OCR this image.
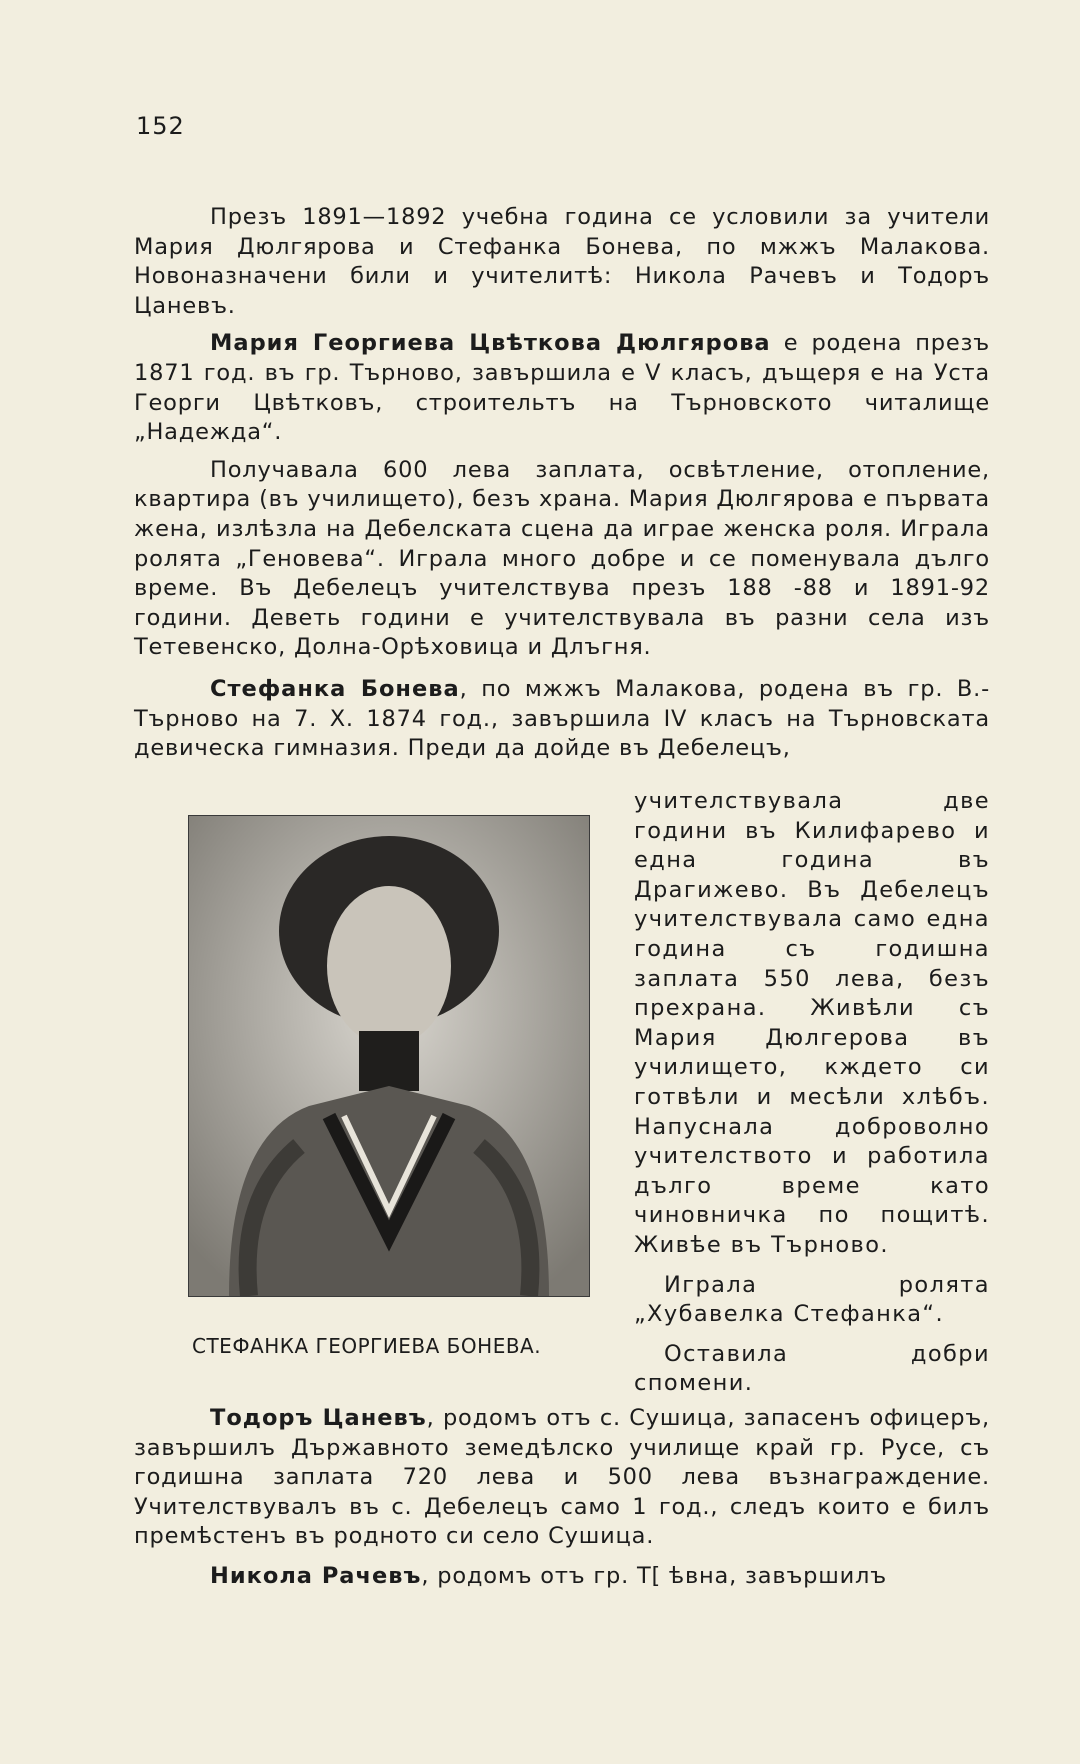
152

Презъ 1891—1892 учебна година се условили за учители Мария Дюлгярова и Стефанка Бонева, по мжжъ Малакова. Новоназначени били и учителитѣ: Никола Рачевъ и Тодоръ Цаневъ.

Мария Георгиева Цвѣткова Дюлгярова е родена презъ 1871 год. въ гр. Търново, завършила е V класъ, дъщеря е на Уста Георги Цвѣтковъ, строительтъ на Търновското читалище „Надежда“.

Получавала 600 лева заплата, освѣтление, отопление, квартира (въ училището), безъ храна. Мария Дюлгярова е първата жена, излѣзла на Дебелската сцена да играе женска роля. Играла ролята „Геновева“. Играла много добре и се поменувала дълго време. Въ Дебелецъ учителствува презъ 188 -88 и 1891-92 години. Деветь години е учителствувала въ разни села изъ Тетевенско, Долна-Орѣховица и Длъгня.

Стефанка Бонева, по мжжъ Малакова, родена въ гр. В.-Търново на 7. Х. 1874 год., завършила IV класъ на Търновската девическа гимназия. Преди да дойде въ Дебелецъ,

СТЕФАНКА ГЕОРГИЕВА БОНЕВА.

учителствувала две години въ Килифарево и една година въ Драгижево. Въ Дебелецъ учителствувала само една година съ годишна заплата 550 лева, безъ прехрана. Живѣли съ Мария Дюлгерова въ училището, кждето си готвѣли и месѣли хлѣбъ. Напуснала доброволно учителството и работила дълго време като чиновничка по пощитѣ. Живѣе въ Търново.

Играла ролята „Хубавелка Стефанка“.

Оставила добри спомени.

Тодоръ Цаневъ, родомъ отъ с. Сушица, запасенъ офицеръ, завършилъ Държавното земедѣлско училище край гр. Русе, съ годишна заплата 720 лева и 500 лева възнаграждение. Учителствувалъ въ с. Дебелецъ само 1 год., следъ които е билъ премѣстенъ въ родното си село Сушица.

Никола Рачевъ, родомъ отъ гр. Т[ ѣвна, завършилъ
